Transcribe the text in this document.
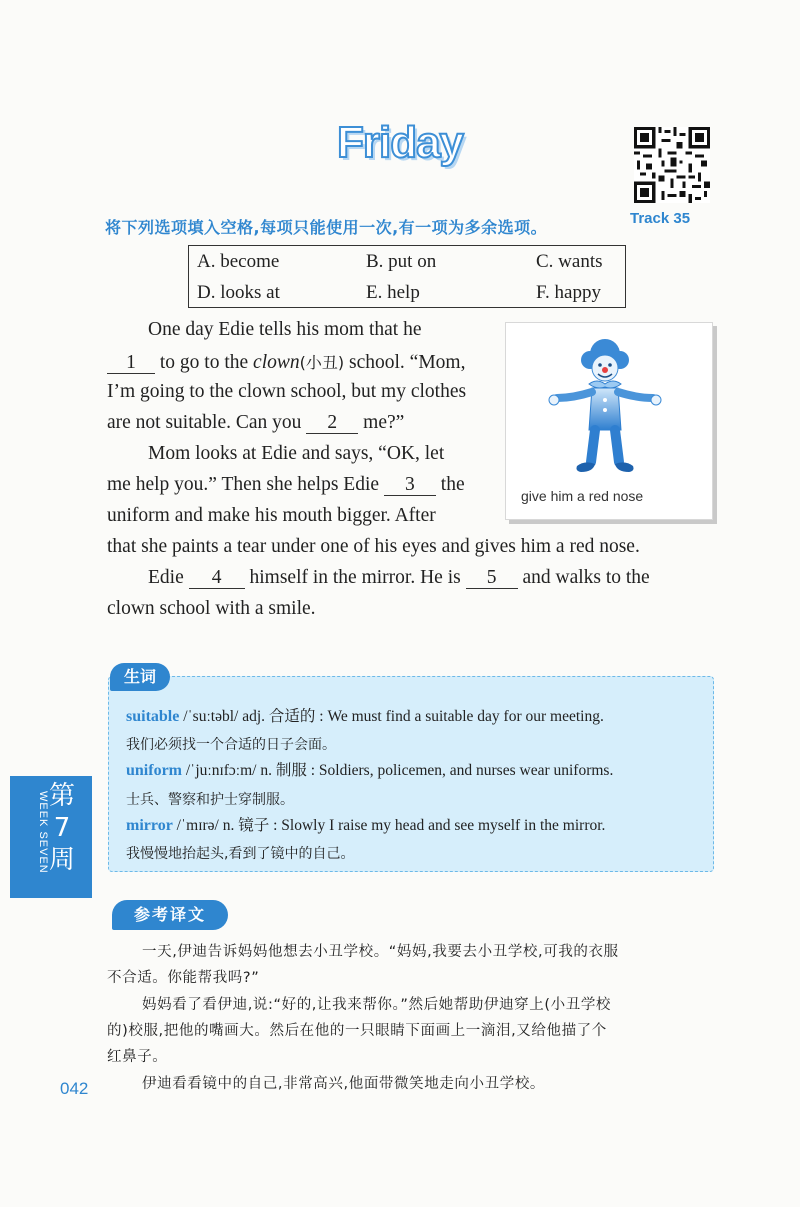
Friday
Track 35
将下列选项填入空格,每项只能使用一次,有一项为多余选项。
A. become	B. put on	C. wants
D. looks at	E. help	F. happy
One day Edie tells his mom that he
1 to go to the clown(小丑) school. “Mom,
I’m going to the clown school, but my clothes
are not suitable. Can you 2 me?”
Mom looks at Edie and says, “OK, let
me help you.” Then she helps Edie 3 the
uniform and make his mouth bigger. After
that she paints a tear under one of his eyes and gives him a red nose.
Edie 4 himself in the mirror. He is 5 and walks to the
clown school with a smile.
give him a red nose
生词
suitable /ˈsuːtəbl/ adj. 合适的 : We must find a suitable day for our meeting.
我们必须找一个合适的日子会面。
uniform /ˈjuːnɪfɔːm/ n. 制服 : Soldiers, policemen, and nurses wear uniforms.
士兵、警察和护士穿制服。
mirror /ˈmɪrə/ n. 镜子 : Slowly I raise my head and see myself in the mirror.
我慢慢地抬起头,看到了镜中的自己。
第
7
周
WEEK SEVEN
参考译文
一天,伊迪告诉妈妈他想去小丑学校。“妈妈,我要去小丑学校,可我的衣服
不合适。你能帮我吗?”
妈妈看了看伊迪,说:“好的,让我来帮你。”然后她帮助伊迪穿上(小丑学校
的)校服,把他的嘴画大。然后在他的一只眼睛下面画上一滴泪,又给他描了个
红鼻子。
伊迪看看镜中的自己,非常高兴,他面带微笑地走向小丑学校。
042
